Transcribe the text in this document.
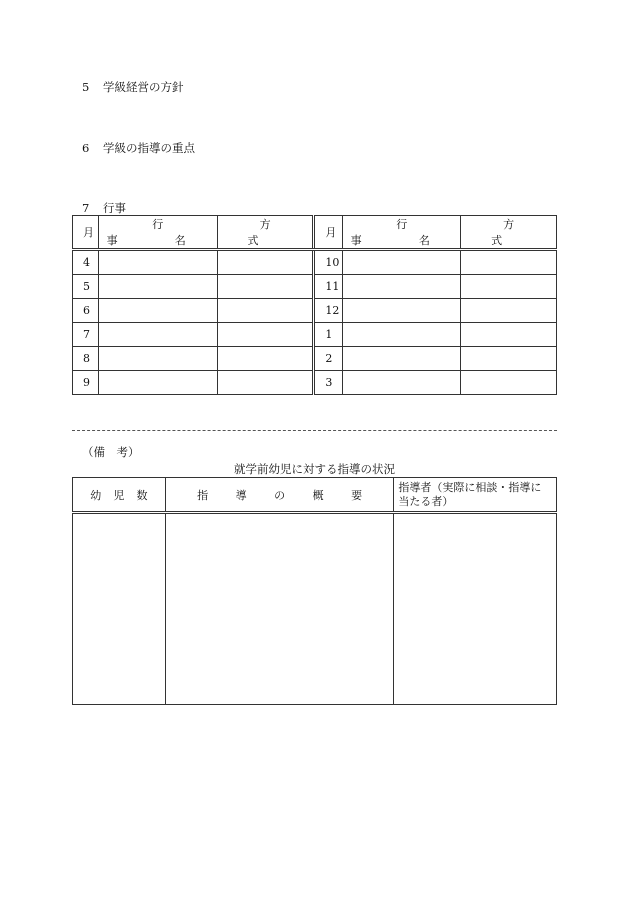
5 学級経営の方針
6 学級の指導の重点
7 行事
月	行　事　名	方　式	月	行　事　名	方　式
4			10		
5			11		
6			12		
7			1		
8			2		
9			3		
（備　考）
就学前幼児に対する指導の状況
幼児数	指導の概要	指導者（実際に相談・指導に当たる者）
